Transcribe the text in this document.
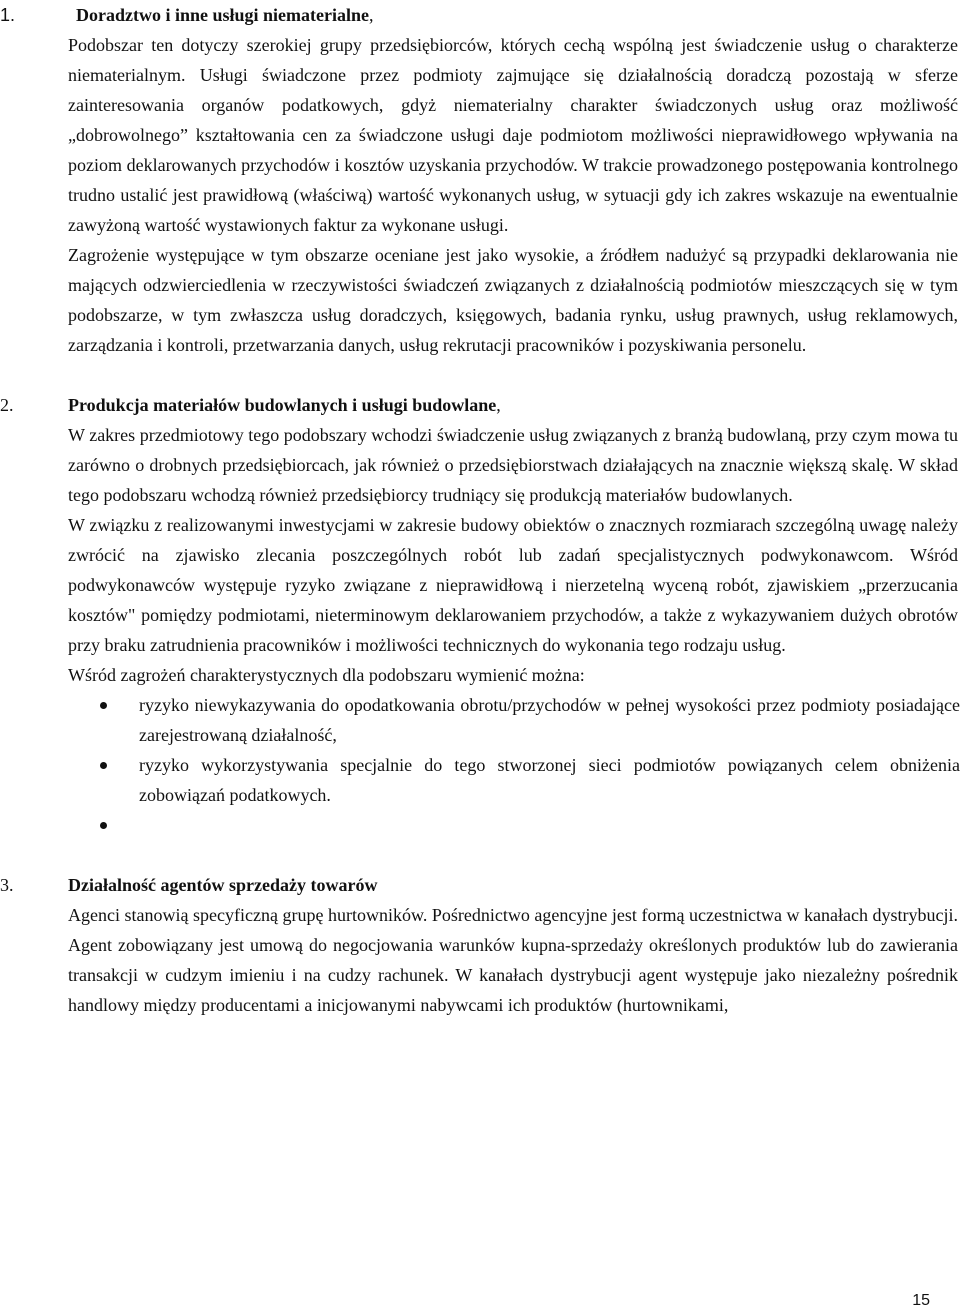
1.	Doradztwo i inne usługi niematerialne,

Podobszar ten dotyczy szerokiej grupy przedsiębiorców, których cechą wspólną jest świadczenie usług o charakterze niematerialnym. Usługi świadczone przez podmioty zajmujące się działalnością doradczą pozostają w sferze zainteresowania organów podatkowych, gdyż niematerialny charakter świadczonych usług oraz możliwość „dobrowolnego” kształtowania cen za świadczone usługi daje podmiotom możliwości nieprawidłowego wpływania na poziom deklarowanych przychodów i kosztów uzyskania przychodów. W trakcie prowadzonego postępowania kontrolnego trudno ustalić jest prawidłową (właściwą) wartość wykonanych usług, w sytuacji gdy ich zakres wskazuje na ewentualnie zawyżoną wartość wystawionych faktur za wykonane usługi.

Zagrożenie występujące w tym obszarze oceniane jest jako wysokie, a źródłem nadużyć są przypadki deklarowania nie mających odzwierciedlenia w rzeczywistości świadczeń związanych z działalnością podmiotów mieszczących się w tym podobszarze, w tym zwłaszcza usług doradczych, księgowych, badania rynku, usług prawnych, usług reklamowych, zarządzania i kontroli, przetwarzania danych, usług rekrutacji pracowników i pozyskiwania personelu.

2.	Produkcja materiałów budowlanych i usługi budowlane,

W zakres przedmiotowy tego podobszary wchodzi świadczenie usług związanych z branżą budowlaną, przy czym mowa tu zarówno o drobnych przedsiębiorcach, jak również o przedsiębiorstwach działających na znacznie większą skalę. W skład tego podobszaru wchodzą również przedsiębiorcy trudniący się produkcją materiałów budowlanych.

W związku z realizowanymi inwestycjami w zakresie budowy obiektów o znacznych rozmiarach szczególną uwagę należy zwrócić na zjawisko zlecania poszczególnych robót lub zadań specjalistycznych podwykonawcom. Wśród podwykonawców występuje ryzyko związane z nieprawidłową i nierzetelną wyceną robót, zjawiskiem „przerzucania kosztów" pomiędzy podmiotami, nieterminowym deklarowaniem przychodów, a także z wykazywaniem dużych obrotów przy braku zatrudnienia pracowników i możliwości technicznych do wykonania tego rodzaju usług.

Wśród zagrożeń charakterystycznych dla podobszaru wymienić można:

ryzyko niewykazywania do opodatkowania obrotu/przychodów w pełnej wysokości przez podmioty posiadające zarejestrowaną działalność,
ryzyko wykorzystywania specjalnie do tego stworzonej sieci podmiotów powiązanych celem obniżenia zobowiązań podatkowych.
3.	Działalność agentów sprzedaży towarów

Agenci stanowią specyficzną grupę hurtowników. Pośrednictwo agencyjne jest formą uczestnictwa w kanałach dystrybucji. Agent zobowiązany jest umową do negocjowania warunków kupna-sprzedaży określonych produktów lub do zawierania transakcji w cudzym imieniu i na cudzy rachunek. W kanałach dystrybucji agent występuje jako niezależny pośrednik handlowy między producentami a inicjowanymi nabywcami ich produktów (hurtownikami,

15
